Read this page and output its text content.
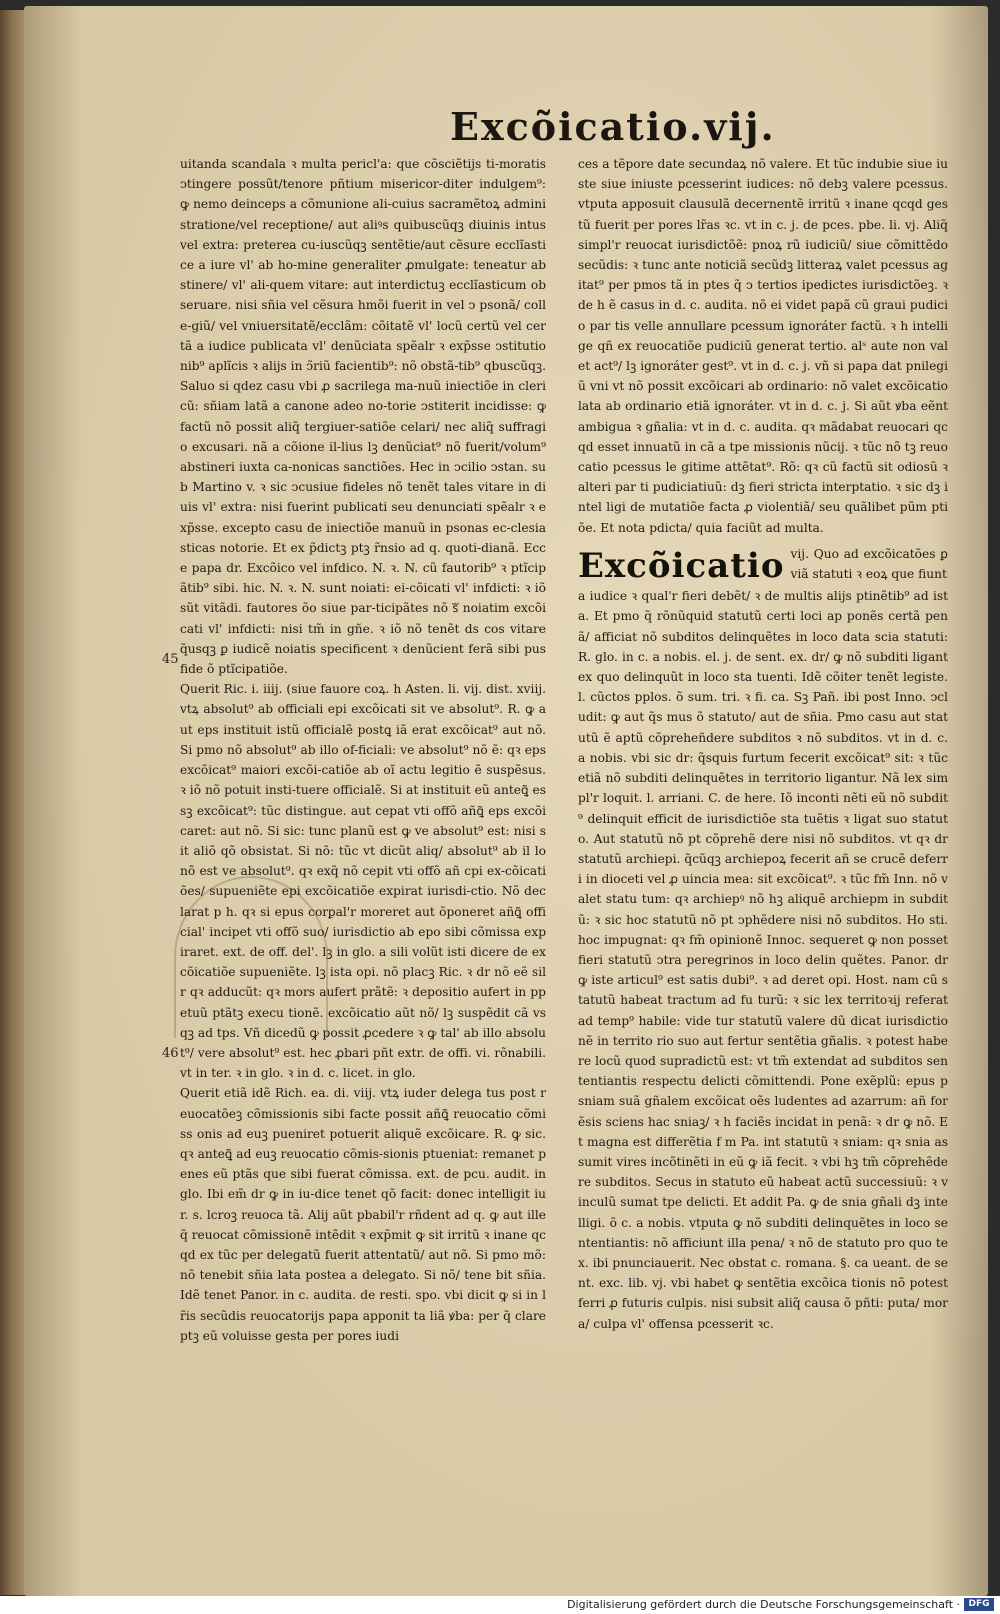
Excõicatio.vij.
45
46

uitanda scandala ꝛ multa pericl'a: que cõsciẽtijs ti-moratis ↄtingere possũt/tenore pñtium misericor-diter indulgem⁹: ꝙ nemo deinceps a cõmunione ali-cuius sacramẽtoꝝ administratione/vel receptione/ aut aliꝰs quibuscũqꝫ diuinis intus vel extra: preterea cu-iuscũqꝫ sentẽtie/aut cẽsure ecclĩastice a iure vl' ab ho-mine generaliter ꝓmulgate: teneatur abstinere/ vl' ali-quem vitare: aut interdictuꝫ ecclĩasticum obseruare. nisi sñia vel cẽsura hmõi fuerit in vel ↄ psonã/ colle-giũ/ vel vniuersitatẽ/ecclãm: cõitatẽ vl' locũ certũ vel certã a iudice publicata vl' denũciata spẽalr ꝛ exp̃sse ↄstitutionib⁹ aplĩcis ꝛ alijs in ↄ̃riũ facientib⁹: nõ obstã-tib⁹ qbuscũqꝫ. Saluo si qdez casu vbi ꝓ sacrilega ma-nuũ iniectiõe in clericũ: sñiam latã a canone adeo no-torie ↄstiterit incidisse: ꝙ factũ nõ possit aliq̃ tergiuer-satiõe celari/ nec aliq̃ suffragio excusari. nã a cõione il-lius lꝫ denũciat⁹ nõ fuerit/volum⁹ abstineri iuxta ca-nonicas sanctiões. Hec in ↄcilio ↄstan. sub Martino v. ꝛ sic ↄcusiue fideles nõ tenẽt tales vitare in diuis vl' extra: nisi fuerint publicati seu denunciati spẽalr ꝛ exp̃sse. excepto casu de iniectiõe manuũ in psonas ec-clesiasticas notorie. Et ex p̃dictꝫ ptꝫ r̃nsio ad q. quoti-dianã. Ecce papa dr. Excõico vel infdico. N. ꝛ. N. cũ fautorib⁹ ꝛ ptĩcipãtib⁹ sibi. hic. N. ꝛ. N. sunt noiati: ei-cõicati vl' infdicti: ꝛ iõ sũt vitãdi. fautores õo siue par-ticipãtes nõ sᷓ noiatim excõicati vl' infdicti: nisi tm̃ in gñe. ꝛ iõ nõ tenẽt ds cos vitare q̃usqꝫ ꝑ iudicẽ noiatis specificent ꝛ denũcient ferã sibi pus fide õ ptĩcipatiõe.

Querit Ric. i. iiij. (siue fauore coꝝ. h Asten. li. vij. dist. xviij. vtꝝ absolut⁹ ab officiali epi excõicati sit ve absolut⁹. R. ꝙ aut eps instituit istũ officialẽ postꝗ iã erat excõicat⁹ aut nõ. Si pmo nõ absolut⁹ ab illo of-ficiali: ve absolut⁹ nõ ẽ: qꝛ eps excõicat⁹ maiori excõi-catiõe ab oĩ actu legitio ẽ suspẽsus. ꝛ iõ nõ potuit insti-tuere officialẽ. Si at instituit eũ anteꝗ̃ essꝫ excõicat⁹: tũc distingue. aut cepat vti offõ añꝗ̃ eps excõicaret: aut nõ. Si sic: tunc planũ est ꝙ ve absolut⁹ est: nisi sit aliõ qõ obsistat. Si nõ: tũc vt dicũt aliq/ absolut⁹ ab il lo nõ est ve absolut⁹. qꝛ exq̃ nõ cepit vti offõ añ cpi ex-cõicatiões/ supueniẽte epi excõicatiõe expirat iurisdi-ctio. Nõ declarat p h. qꝛ si epus corꝑal'r moreret aut õponeret añꝗ̃ official' incipet vti offõ suo/ iurisdictio ab epo sibi cõmissa expiraret. ext. de off. del'. lꝫ in glo. a sili volũt isti dicere de excõicatiõe supueniẽte. lꝫ ista opi. nõ placꝫ Ric. ꝛ dr nõ eẽ silr qꝛ adducũt: qꝛ mors aufert prãtẽ: ꝛ depositio aufert in ppetuũ ptãtꝫ execu tionẽ. excõicatio aũt nõ/ lꝫ suspẽdit cã vsqꝫ ad tps. Vñ dicedũ ꝙ possit ꝓcedere ꝛ ꝙ tal' ab illo absolut⁹/ vere absolut⁹ est. hec ꝓbari pñt extr. de offi. vi. rõnabili. vt in ter. ꝛ in glo. ꝛ in d. c. licet. in glo.

Querit etiã idẽ Rich. ea. di. viij. vtꝝ iuder delega tus post reuocatõeꝫ cõmissionis sibi facte possit añꝗ̃ reuocatio cõmiss onis ad euꝫ pueniret potuerit aliquẽ excõicare. R. ꝙ sic. qꝛ anteꝗ̃ ad euꝫ reuocatio cõmis-sionis ptueniat: remanet penes eũ ptãs que sibi fuerat cõmissa. ext. de pcu. audit. in glo. Ibi em̃ dr ꝙ in iu-dice tenet qõ facit: donec intelligit iur. s. lcroꝫ reuoca tã. Alij aũt pbabil'r rñdent ad q. ꝙ aut ille q̃ reuocat cõmissionẽ intẽdit ꝛ exp̃mit ꝙ sit irritũ ꝛ inane qcqd ex tũc per delegatũ fuerit attentatũ/ aut nõ. Si pmo mõ: nõ tenebit sñia lata postea a delegato. Si nõ/ tene bit sñia. Idẽ tenet Panor. in c. audita. de resti. spo. vbi dicit ꝙ si in lr̃is secũdis reuocatorijs papa apponit ta liã ꝟba: per q̃ clare ptꝫ eũ voluisse gesta per pores iudi

ces a tẽpore date secundaꝝ nõ valere. Et tũc indubie siue iuste siue iniuste pcesserint iudices: nõ debꝫ valere pcessus. vtputa apposuit clausulã decernentẽ irritũ ꝛ inane qcqd gestũ fuerit per pores lr̃as ꝛc. vt in c. j. de pces. pbe. li. vj. Aliq̃ simpl'r reuocat iurisdictõẽ: pnoꝝ rũ iudiciũ/ siue cõmittẽdo secũdis: ꝛ tunc ante noticiã secũdꝫ litteraꝝ valet pcessus agitat⁹ per pmos tã in ptes q̃ ↄ tertios ipedictes iurisdictõeꝫ. ꝛ de h ẽ casus in d. c. audita. nõ ei videt papã cũ graui pudicio par tis velle annullare pcessum ignoráter factũ. ꝛ h intellige qñ ex reuocatiõe pudiciũ generat tertio. alˢ aute non valet act⁹/ lꝫ ignoráter gest⁹. vt in d. c. j. vñ si papa dat pnilegiũ vni vt nõ possit excõicari ab ordinario: nõ valet excõicatio lata ab ordinario etiã ignoráter. vt in d. c. j. Si aũt ꝟba eẽnt ambigua ꝛ gñalia: vt in d. c. audita. qꝛ mãdabat reuocari qcqd esset innuatũ in cã a tpe missionis nũcij. ꝛ tũc nõ tꝫ reuocatio pcessus le gitime attẽtat⁹. Rõ: qꝛ cũ factũ sit odiosũ ꝛ alteri par ti pudiciatiuũ: dꝫ fieri stricta interptatio. ꝛ sic dꝫ intel ligi de mutatiõe facta ꝓ violentiã/ seu quãlibet pũm ptiõe. Et nota pdicta/ quia faciũt ad multa.

Excõicatio vij. Quo ad excõicatões ꝑ viã statuti ꝛ eoꝝ que fiunt

a iudice ꝛ qual'r fieri debẽt/ ꝛ de multis alijs ptinẽtib⁹ ad ista. Et pmo q̃ rõnũquid statutũ certi loci ap ponẽs certã penã/ afficiat nõ subditos delinquẽtes in loco data scia statuti: R. glo. in c. a nobis. el. j. de sent. ex. dr/ ꝙ nõ subditi ligant ex quo delinquũt in loco sta tuenti. Idẽ cõiter tenẽt legiste. l. cũctos pplos. õ sum. tri. ꝛ fi. ca. Sꝫ Pañ. ibi post Inno. ↄcludit: ꝙ aut q̃s mus õ statuto/ aut de sñia. Pmo casu aut statutũ ẽ aptũ cõpreheñdere subditos ꝛ nõ subditos. vt in d. c. a nobis. vbi sic dr: q̃squis furtum fecerit excõicat⁹ sit: ꝛ tũc etiã nõ subditi delinquẽtes in territorio ligantur. Nã lex simpl'r loquit. l. arriani. C. de here. Iõ inconti nẽti eũ nõ subdit⁹ delinquit efficit de iurisdictiõe sta tuẽtis ꝛ ligat suo statuto. Aut statutũ nõ pt cõprehẽ dere nisi nõ subditos. vt qꝛ dr statutũ archiepi. q̃cũqꝫ archiepoꝝ fecerit añ se crucẽ deferri in dioceti vel ꝓ uincia mea: sit excõicat⁹. ꝛ tũc fm̃ Inn. nõ valet statu tum: qꝛ archiepꝰ nõ hꝫ aliquẽ archiepm in subditũ: ꝛ sic hoc statutũ nõ pt ↄphẽdere nisi nõ subditos. Ho sti. hoc impugnat: qꝛ fm̃ opinionẽ Innoc. sequeret ꝙ non posset fieri statutũ ↄtra peregrinos in loco delin quẽtes. Panor. dr ꝙ iste articul⁹ est satis dubi⁹. ꝛ ad deret opi. Host. nam cũ statutũ habeat tractum ad fu turũ: ꝛ sic lex territoꝛij referat ad temp⁹ habile: vide tur statutũ valere dũ dicat iurisdictionẽ in territo rio suo aut fertur sentẽtia gñalis. ꝛ potest habere locũ quod supradictũ est: vt tm̃ extendat ad subditos sen tentiantis respectu delicti cõmittendi. Pone exẽplũ: epus p sniam suã gñalem excõicat oẽs ludentes ad azarrum: añ forẽsis sciens hac sniaꝫ/ ꝛ h faciẽs incidat in penã: ꝛ dr ꝙ nõ. Et magna est differẽtia f m Pa. int statutũ ꝛ sniam: qꝛ snia assumit vires incõtinẽti in eũ ꝙ iã fecit. ꝛ vbi hꝫ tm̃ cõprehẽdere subditos. Secus in statuto eũ habeat actũ successiuũ: ꝛ vinculũ sumat tpe delicti. Et addit Pa. ꝙ de snia gñali dꝫ intelligi. õ c. a nobis. vtputa ꝙ nõ subditi delinquẽtes in loco sententiantis: nõ afficiunt illa pena/ ꝛ nõ de statuto pro quo tex. ibi pnunciauerit. Nec obstat c. romana. §. ca ueant. de sent. exc. lib. vj. vbi habet ꝙ sentẽtia excõica tionis nõ potest ferri ꝓ futuris culpis. nisi subsit aliq̃ causa õ pñti: puta/ mora/ culpa vl' offensa pcesserit ꝛc.

Digitalisierung gefördert durch die Deutsche Forschungsgemeinschaft · DFG
